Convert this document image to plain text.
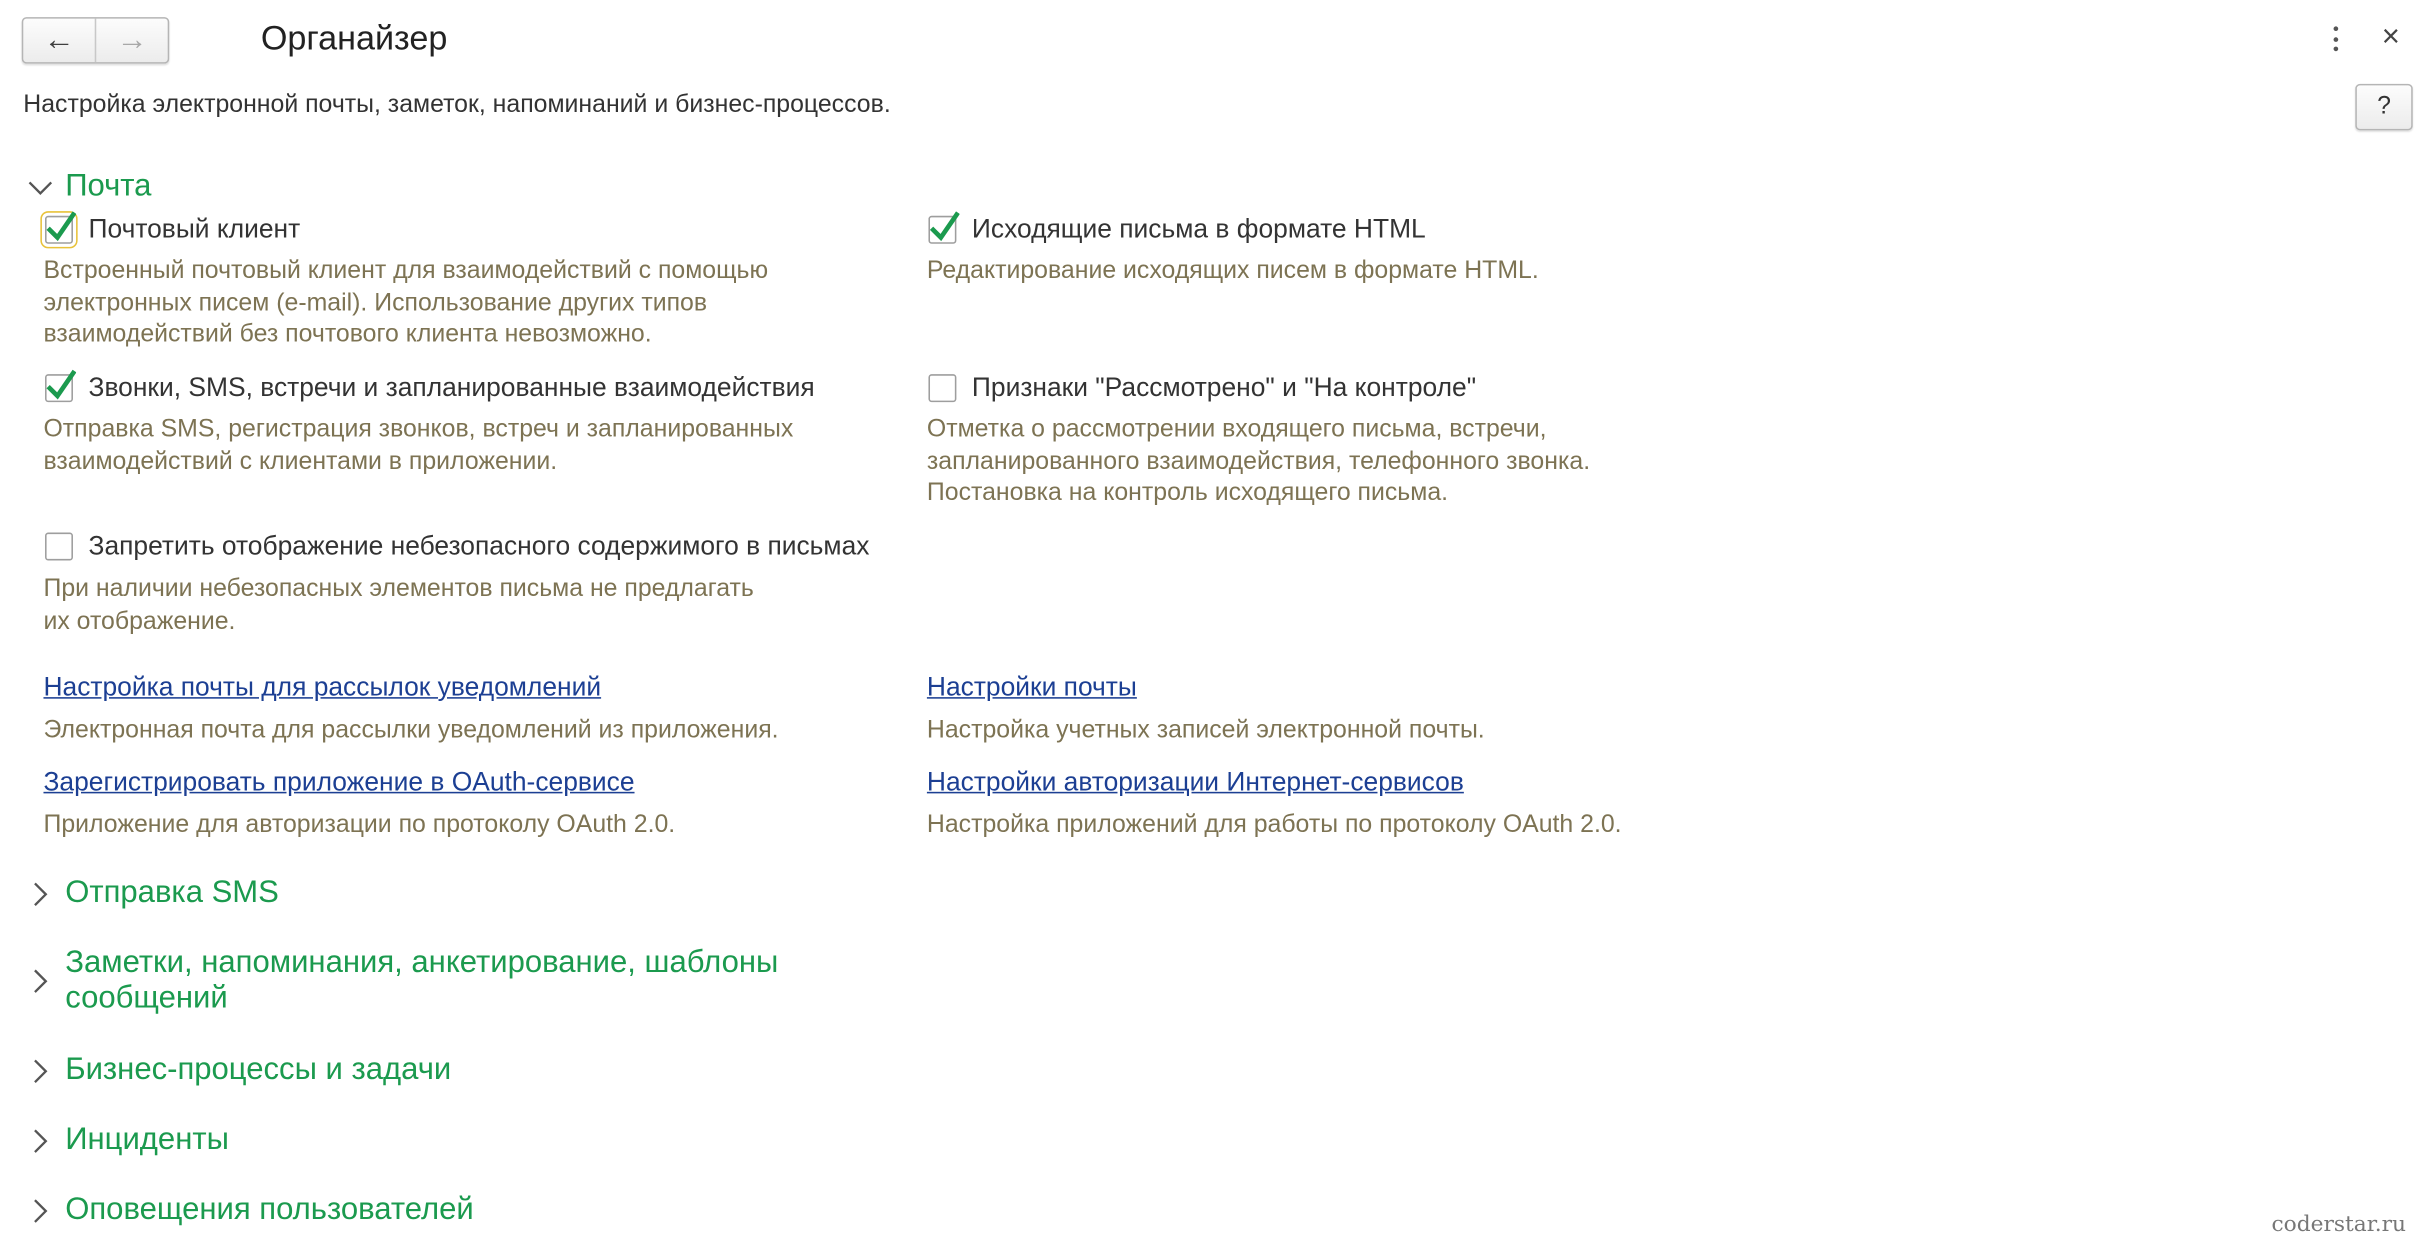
← →	Органайзер	×
Настройка электронной почты, заметок, напоминаний и бизнес-процессов.	?
Почта
Почтовый клиент
Встроенный почтовый клиент для взаимодействий с помощью
электронных писем (e-mail). Использование других типов
взаимодействий без почтового клиента невозможно.
Исходящие письма в формате HTML
Редактирование исходящих писем в формате HTML.
Звонки, SMS, встречи и запланированные взаимодействия
Отправка SMS, регистрация звонков, встреч и запланированных
взаимодействий с клиентами в приложении.
Признаки "Рассмотрено" и "На контроле"
Отметка о рассмотрении входящего письма, встречи,
запланированного взаимодействия, телефонного звонка.
Постановка на контроль исходящего письма.
Запретить отображение небезопасного содержимого в письмах
При наличии небезопасных элементов письма не предлагать
их отображение.
Настройка почты для рассылок уведомлений
Электронная почта для рассылки уведомлений из приложения.
Настройки почты
Настройка учетных записей электронной почты.
Зарегистрировать приложение в OAuth-сервисе
Приложение для авторизации по протоколу OAuth 2.0.
Настройки авторизации Интернет-сервисов
Настройка приложений для работы по протоколу OAuth 2.0.
Отправка SMS
Заметки, напоминания, анкетирование, шаблоны сообщений
Бизнес-процессы и задачи
Инциденты
Оповещения пользователей	coderstar.ru
